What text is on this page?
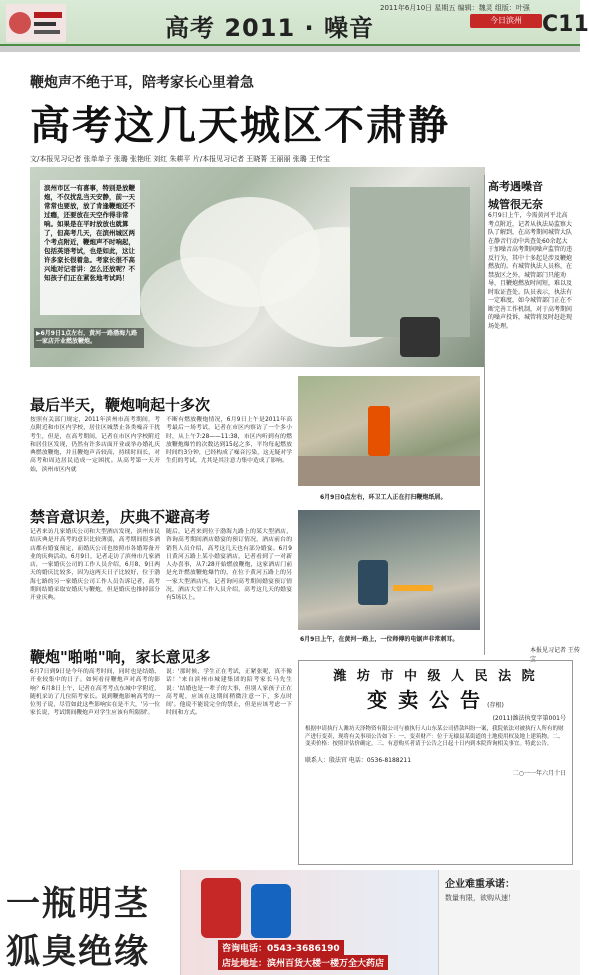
高考 2011 · 噪音
2011年6月10日 星期五 编辑：魏灵 组版：叶强
今日滨州 C11
鞭炮声不绝于耳，陪考家长心里着急
高考这几天城区不肃静
文/本报见习记者 张单单子 张璐 张艳旺 刘红 朱耕平 片/本报见习记者 王晓菁 王丽丽 张璐 王传宝
滨州市区一有喜事，特别是放鞭炮，不仅扰乱当天安静，前一天常常也要放，放了肯逢鞭炮还不过瘾，还要放在天空作得非常响。如果是在平时放放也就算了，但高考几天，在滨州城区两个考点附近，鞭炮声不时响起，包括英语考试，也是如此，这让许多家长很着急。考家长很不高兴地对记者讲：怎么还放呢？不知孩子们正在紧张地考试吗！
▶6月9日1点左右，黄河一路渤海九路一家店开业燃放鞭炮。
高考遇噪音
城管很无奈
6月9日上午，今需黄河平北高考点附近，记者从执法局监察大队了解到，在高考期间城管大队在静音行动中共查处60余起大于加噪音高考期间噪声监管的违反行为，其中十多起是涉及鞭炮燃放的。有城管执法人员称，在禁放区之外，城管部门只能劝导，且鞭炮燃放时间短，难以及时取证查处。队员表示，执法有一定难度，如今城管部门正在不断完善工作机制，对于高考期间的噪声投诉，城管将及时赶赴现场处理。
最后半天，鞭炮响起十多次
按照有关部门规定，2011年滨州市高考期间，考点附近和市区内学校，居住区城禁止各类噪音干扰考生，但是，在高考期间，记者在市区内学校附近和居住区发现，仍然有许多店面开业或举办婚礼庆典燃放鞭炮，并且鞭炮声音较高，持续时间长，对高考和周边居民造成一定困扰。从高考第一天开始，滨州市区内就
不断有燃放鞭炮情况，6月9日上午是2011年高考最后一场考试，记者在市区内察访了一个多小时，从上午7:28——11:38，市区内听到有的燃放鞭炮爆竹的次数达到15起之多，平均每起燃放时间约3分钟，已经构成了噪音污染，这无疑对学生们的考试，尤其是其注意力集中造成了影响。
禁音意识差，庆典不避高考
记者来访几家婚庆公司和大型酒店发现，滨州市民结庆典是开高考的意识比较薄弱，高考期间很多酒店都有婚宴预定，而婚庆公司也按照市各婚筹备开业的庆典活动。6月9日，记者走访了滨州市几家酒店，一家婚庆公司的工作人员介绍，6月8、9日两天的婚庆比较多，因为这两天日子比较好，位于渤海七路的另一家婚庆公司工作人员告诉记者，高考期间结婚采取安婚庆与鞭炮，但是婚庆也推掉部分开业庆典。
随后，记者来到位于渤海九路上的某大型酒店，咨询高考期间酒店婚宴的预订情况，酒店前台的销售人员介绍，高考这几天也有部分婚宴。6月9日黄河五路上某小婚宴酒店，记者看到了一对新人办喜事，从7:28开始燃放鞭炮，这家酒店门前是允许燃放鞭炮爆竹的，在位于黄河五路上的另一家大型酒店内，记者询问高考期间婚宴预订情况，酒店大堂工作人员介绍，高考这几天的婚宴有5场以上。
鞭炮"啪啪"响，家长意见多
6月7日到9日是今年的高考时间，同时也是结婚、开业较集中的日子。如何看待鞭炮声对高考的影响？6月8日上午，记者在高考考点东城中学附近，随机采访了几位陪考家长。说到鞭炮影响高考的一位男子说，尽管如此这些影响实在是不大，'另一位家长说，考试期间鞭炮声对学生应该有所限制'。
说：'那时候，学生正在考试，正紧张呢，真不像话！'来自滨州市城建集团的陪考家长马先生说：'结婚也是一辈子的大事，但别人家孩子正在高考呢，应该在这期间稍微注意一下，多点时间'。他说不能说完全的禁止，但是应该考虑一下时间和方式。
6月9日0点左右，环卫工人正在打扫鞭炮纸屑。
6月9日上午，在黄河一路上，一位师傅的电锯声非常刺耳。
本报见习记者 王传宝
潍 坊 市 中 级 人 民 法 院
变 卖 公 告 (存根)
(2011)潍法执变字第001号
根据申请执行人潍坊天泽物资有限公司与被执行人山东某公司借款纠纷一案，我院依法对被执行人所有的财产进行变卖，现将有关事项公告如下：一、变卖财产：位于无棣县某街道的土地使用权及地上建筑物。二、变卖价格：按照评估价确定。三、有意购买者请于公告之日起十日内到本院咨询相关事宜。特此公告。
联系人：殷法官 电话：0536-8188211
二○一一年六月十日
一瓶明茎
狐臭绝缘	咨询电话：0543-3686190
店址地址：滨州百货大楼一楼万全大药店
企业难重承诺：
数量有限，欲购从速！
